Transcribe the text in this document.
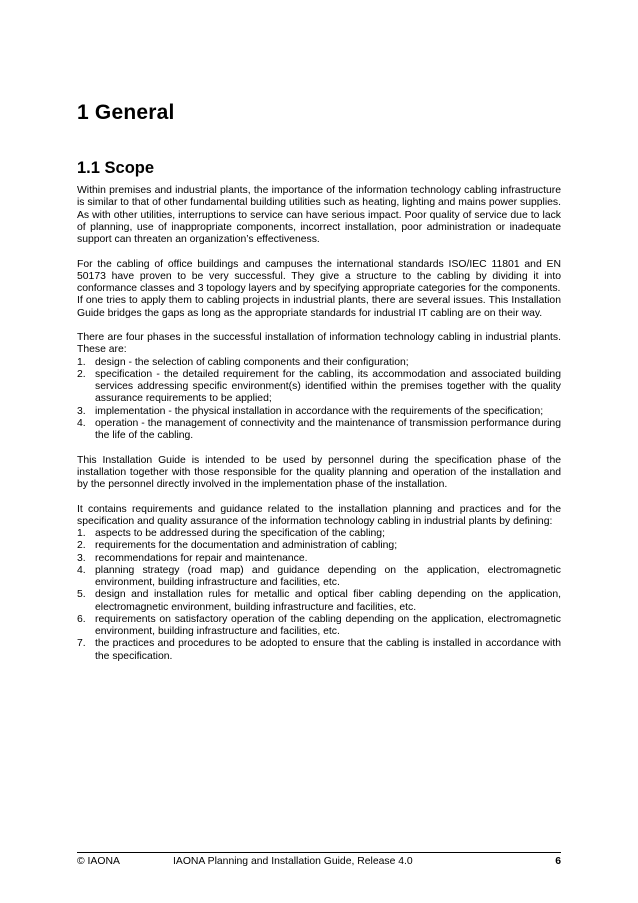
1 General
1.1 Scope

Within premises and industrial plants, the importance of the information technology cabling infrastructure is similar to that of other fundamental building utilities such as heating, lighting and mains power supplies. As with other utilities, interruptions to service can have serious impact. Poor quality of service due to lack of planning, use of inappropriate components, incorrect installation, poor administration or inadequate support can threaten an organization’s effectiveness.

For the cabling of office buildings and campuses the international standards ISO/IEC 11801 and EN 50173 have proven to be very successful. They give a structure to the cabling by dividing it into conformance classes and 3 topology layers and by specifying appropriate categories for the components.

If one tries to apply them to cabling projects in industrial plants, there are several issues. This Installation Guide bridges the gaps as long as the appropriate standards for industrial IT cabling are on their way.

There are four phases in the successful installation of information technology cabling in industrial plants. These are:

1. design - the selection of cabling components and their configuration;
2. specification - the detailed requirement for the cabling, its accommodation and associated building services addressing specific environment(s) identified within the premises together with the quality assurance requirements to be applied;
3. implementation - the physical installation in accordance with the requirements of the specification;
4. operation - the management of connectivity and the maintenance of transmission performance during the life of the cabling.

This Installation Guide is intended to be used by personnel during the specification phase of the installation together with those responsible for the quality planning and operation of the installation and by the personnel directly involved in the implementation phase of the installation.

It contains requirements and guidance related to the installation planning and practices and for the specification and quality assurance of the information technology cabling in industrial plants by defining:

1. aspects to be addressed during the specification of the cabling;
2. requirements for the documentation and administration of cabling;
3. recommendations for repair and maintenance.
4. planning strategy (road map) and guidance depending on the application, electromagnetic environment, building infrastructure and facilities, etc.
5. design and installation rules for metallic and optical fiber cabling depending on the application, electromagnetic environment, building infrastructure and facilities, etc.
6. requirements on satisfactory operation of the cabling depending on the application, electromagnetic environment, building infrastructure and facilities, etc.
7. the practices and procedures to be adopted to ensure that the cabling is installed in accordance with the specification.
© IAONA	IAONA Planning and Installation Guide, Release 4.0	6
